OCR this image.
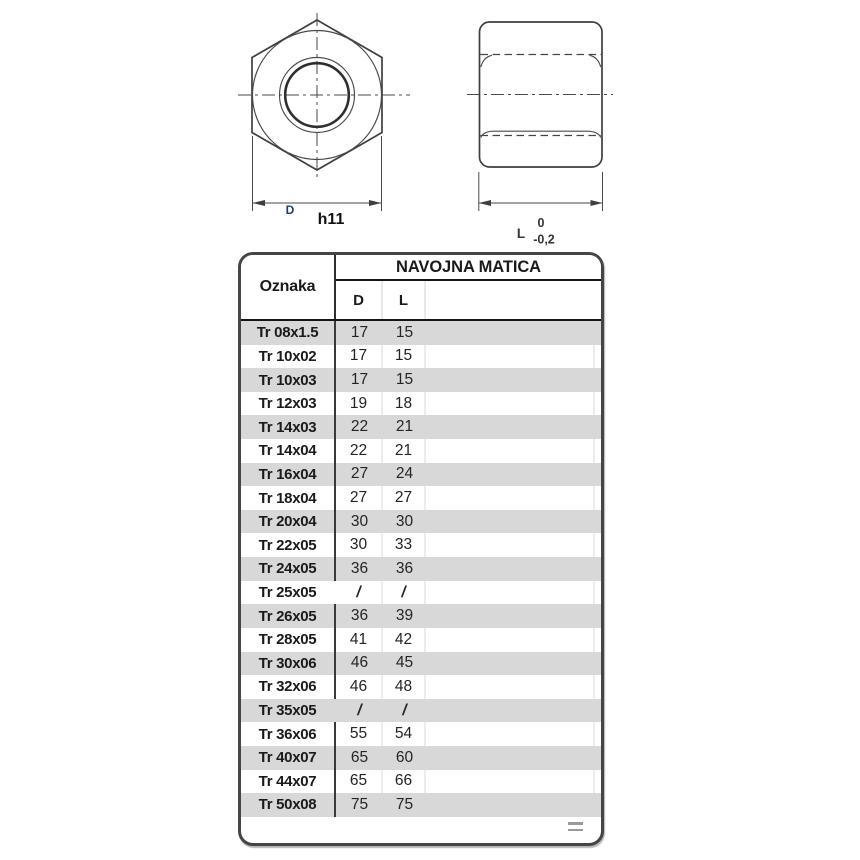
D
h11
L
0
-0,2
Oznaka
NAVOJNA MATICA
D	L
Tr 08x1.5	17	15
Tr 10x02	17	15
Tr 10x03	17	15
Tr 12x03	19	18
Tr 14x03	22	21
Tr 14x04	22	21
Tr 16x04	27	24
Tr 18x04	27	27
Tr 20x04	30	30
Tr 22x05	30	33
Tr 24x05	36	36
Tr 25x05	/	/
Tr 26x05	36	39
Tr 28x05	41	42
Tr 30x06	46	45
Tr 32x06	46	48
Tr 35x05	/	/
Tr 36x06	55	54
Tr 40x07	65	60
Tr 44x07	65	66
Tr 50x08	75	75
